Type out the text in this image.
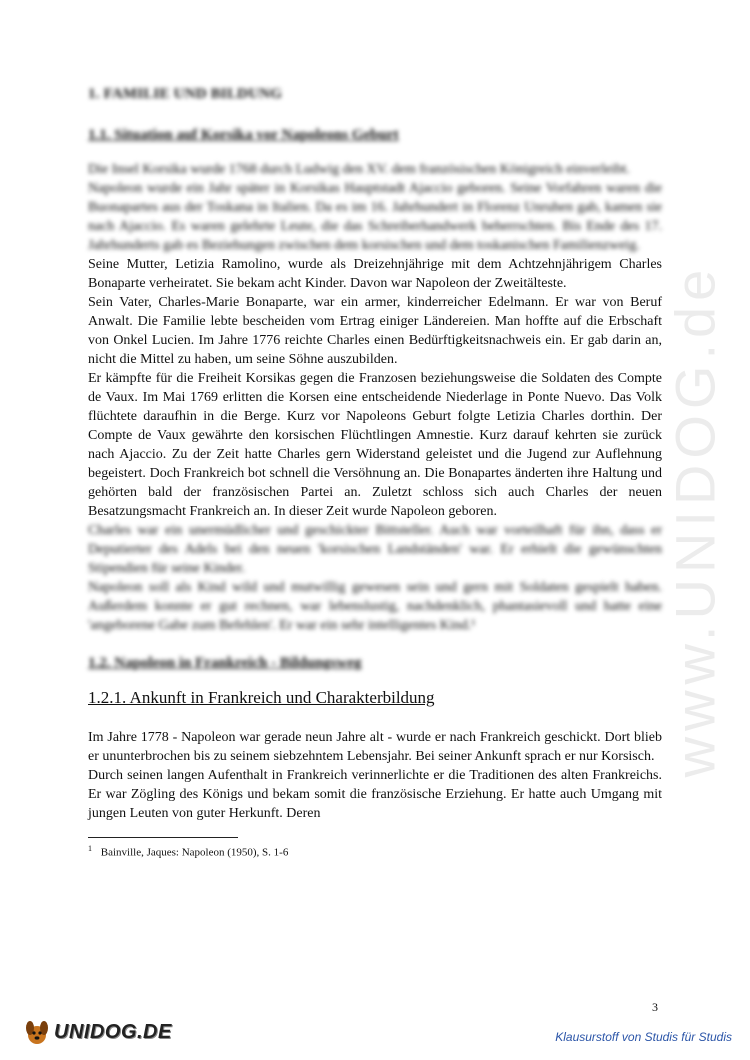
www.UNIDOG.de
1. FAMILIE UND BILDUNG
1.1. Situation auf Korsika vor Napoleons Geburt

Die Insel Korsika wurde 1768 durch Ludwig den XV. dem französischen Königreich einverleibt.

Napoleon wurde ein Jahr später in Korsikas Hauptstadt Ajaccio geboren. Seine Vorfahren waren die Buonapartes aus der Toskana in Italien. Da es im 16. Jahrhundert in Florenz Unruhen gab, kamen sie nach Ajaccio. Es waren gelehrte Leute, die das Schreiberhandwerk beherrschten. Bis Ende des 17. Jahrhunderts gab es Beziehungen zwischen dem korsischen und dem toskanischen Familienzweig.

Seine Mutter, Letizia Ramolino, wurde als Dreizehnjährige mit dem Achtzehnjährigem Charles Bonaparte verheiratet. Sie bekam acht Kinder. Davon war Napoleon der Zweitälteste.

Sein Vater, Charles-Marie Bonaparte, war ein armer, kinderreicher Edelmann. Er war von Beruf Anwalt. Die Familie lebte bescheiden vom Ertrag einiger Ländereien. Man hoffte auf die Erbschaft von Onkel Lucien. Im Jahre 1776 reichte Charles einen Bedürftigkeitsnachweis ein. Er gab darin an, nicht die Mittel zu haben, um seine Söhne auszubilden.

Er kämpfte für die Freiheit Korsikas gegen die Franzosen beziehungsweise die Soldaten des Compte de Vaux. Im Mai 1769 erlitten die Korsen eine entscheidende Niederlage in Ponte Nuevo. Das Volk flüchtete daraufhin in die Berge. Kurz vor Napoleons Geburt folgte Letizia Charles dorthin. Der Compte de Vaux gewährte den korsischen Flüchtlingen Amnestie. Kurz darauf kehrten sie zurück nach Ajaccio. Zu der Zeit hatte Charles gern Widerstand geleistet und die Jugend zur Auflehnung begeistert. Doch Frankreich bot schnell die Versöhnung an. Die Bonapartes änderten ihre Haltung und gehörten bald der französischen Partei an. Zuletzt schloss sich auch Charles der neuen Besatzungsmacht Frankreich an. In dieser Zeit wurde Napoleon geboren.

Charles war ein unermüdlicher und geschickter Bittsteller. Auch war vorteilhaft für ihn, dass er Deputierter des Adels bei den neuen 'korsischen Landständen' war. Er erhielt die gewünschten Stipendien für seine Kinder.

Napoleon soll als Kind wild und mutwillig gewesen sein und gern mit Soldaten gespielt haben. Außerdem konnte er gut rechnen, war lebenslustig, nachdenklich, phantasievoll und hatte eine 'angeborene Gabe zum Befehlen'. Er war ein sehr intelligentes Kind.¹

1.2. Napoleon in Frankreich - Bildungsweg
1.2.1. Ankunft in Frankreich und Charakterbildung

Im Jahre 1778 - Napoleon war gerade neun Jahre alt - wurde er nach Frankreich geschickt. Dort blieb er ununterbrochen bis zu seinem siebzehntem Lebensjahr. Bei seiner Ankunft sprach er nur Korsisch.

Durch seinen langen Aufenthalt in Frankreich verinnerlichte er die Traditionen des alten Frankreichs. Er war Zögling des Königs und bekam somit die französische Erziehung. Er hatte auch Umgang mit jungen Leuten von guter Herkunft. Deren

$^1$ Bainville, Jaques: Napoleon (1950), S. 1-6
3
UNIDOG.DE	Klausurstoff von Studis für Studis
